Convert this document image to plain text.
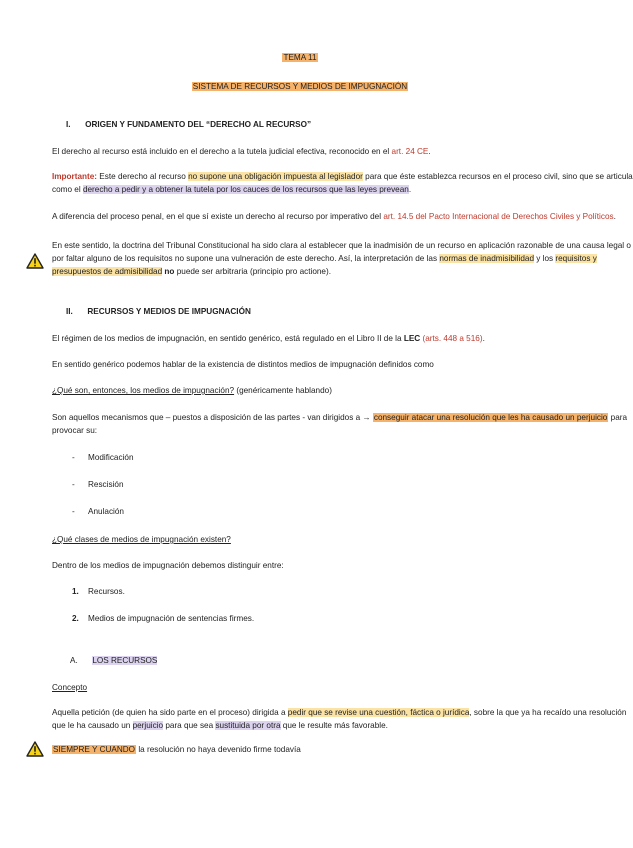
TEMA 11
SISTEMA DE RECURSOS Y MEDIOS DE IMPUGNACIÓN
I. ORIGEN Y FUNDAMENTO DEL “DERECHO AL RECURSO”
El derecho al recurso está incluido en el derecho a la tutela judicial efectiva, reconocido en el art. 24 CE.
Importante: Este derecho al recurso no supone una obligación impuesta al legislador para que éste establezca recursos en el proceso civil, sino que se articula
como el derecho a pedir y a obtener la tutela por los cauces de los recursos que las leyes prevean.
A diferencia del proceso penal, en el que sí existe un derecho al recurso por imperativo del art. 14.5 del Pacto Internacional de Derechos Civiles y Políticos.
En este sentido, la doctrina del Tribunal Constitucional ha sido clara al establecer que la inadmisión de un recurso en aplicación razonable de una causa legal o
por faltar alguno de los requisitos no supone una vulneración de este derecho. Así, la interpretación de las normas de inadmisibilidad y los requisitos y
presupuestos de admisibilidad no puede ser arbitraria (principio pro actione).
II. RECURSOS Y MEDIOS DE IMPUGNACIÓN
El régimen de los medios de impugnación, en sentido genérico, está regulado en el Libro II de la LEC (arts. 448 a 516).
En sentido genérico podemos hablar de la existencia de distintos medios de impugnación definidos como
¿Qué son, entonces, los medios de impugnación? (genéricamente hablando)
Son aquellos mecanismos que – puestos a disposición de las partes - van dirigidos a → conseguir atacar una resolución que les ha causado un perjuicio para
provocar su:
- Modificación
- Rescisión
- Anulación
¿Qué clases de medios de impugnación existen?
Dentro de los medios de impugnación debemos distinguir entre:
1. Recursos.
2. Medios de impugnación de sentencias firmes.
A. LOS RECURSOS
Concepto
Aquella petición (de quien ha sido parte en el proceso) dirigida a pedir que se revise una cuestión, fáctica o jurídica, sobre la que ya ha recaído una resolución
que le ha causado un perjuicio para que sea sustituida por otra que le resulte más favorable.
SIEMPRE Y CUANDO la resolución no haya devenido firme todavía
